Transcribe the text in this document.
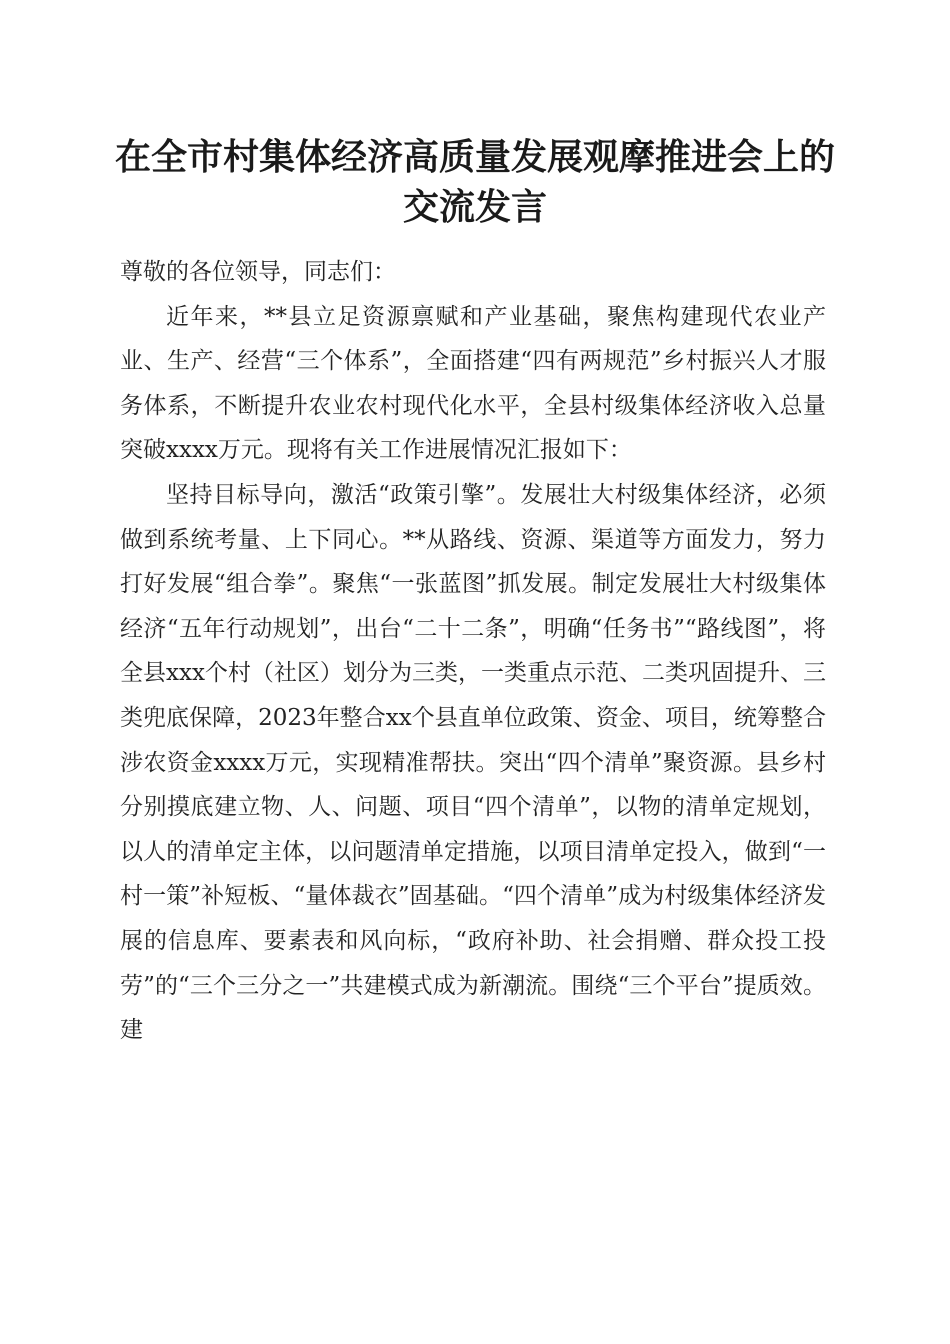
在全市村集体经济高质量发展观摩推进会上的交流发言

尊敬的各位领导，同志们：

近年来，**县立足资源禀赋和产业基础，聚焦构建现代农业产业、生产、经营“三个体系”，全面搭建“四有两规范”乡村振兴人才服务体系，不断提升农业农村现代化水平，全县村级集体经济收入总量突破xxxx万元。现将有关工作进展情况汇报如下：

坚持目标导向，激活“政策引擎”。发展壮大村级集体经济，必须做到系统考量、上下同心。**从路线、资源、渠道等方面发力，努力打好发展“组合拳”。聚焦“一张蓝图”抓发展。制定发展壮大村级集体经济“五年行动规划”，出台“二十二条”，明确“任务书”“路线图”，将全县xxx个村（社区）划分为三类，一类重点示范、二类巩固提升、三类兜底保障，2023年整合xx个县直单位政策、资金、项目，统筹整合涉农资金xxxx万元，实现精准帮扶。突出“四个清单”聚资源。县乡村分别摸底建立物、人、问题、项目“四个清单”，以物的清单定规划，以人的清单定主体，以问题清单定措施，以项目清单定投入，做到“一村一策”补短板、“量体裁衣”固基础。“四个清单”成为村级集体经济发展的信息库、要素表和风向标，“政府补助、社会捐赠、群众投工投劳”的“三个三分之一”共建模式成为新潮流。围绕“三个平台”提质效。建
